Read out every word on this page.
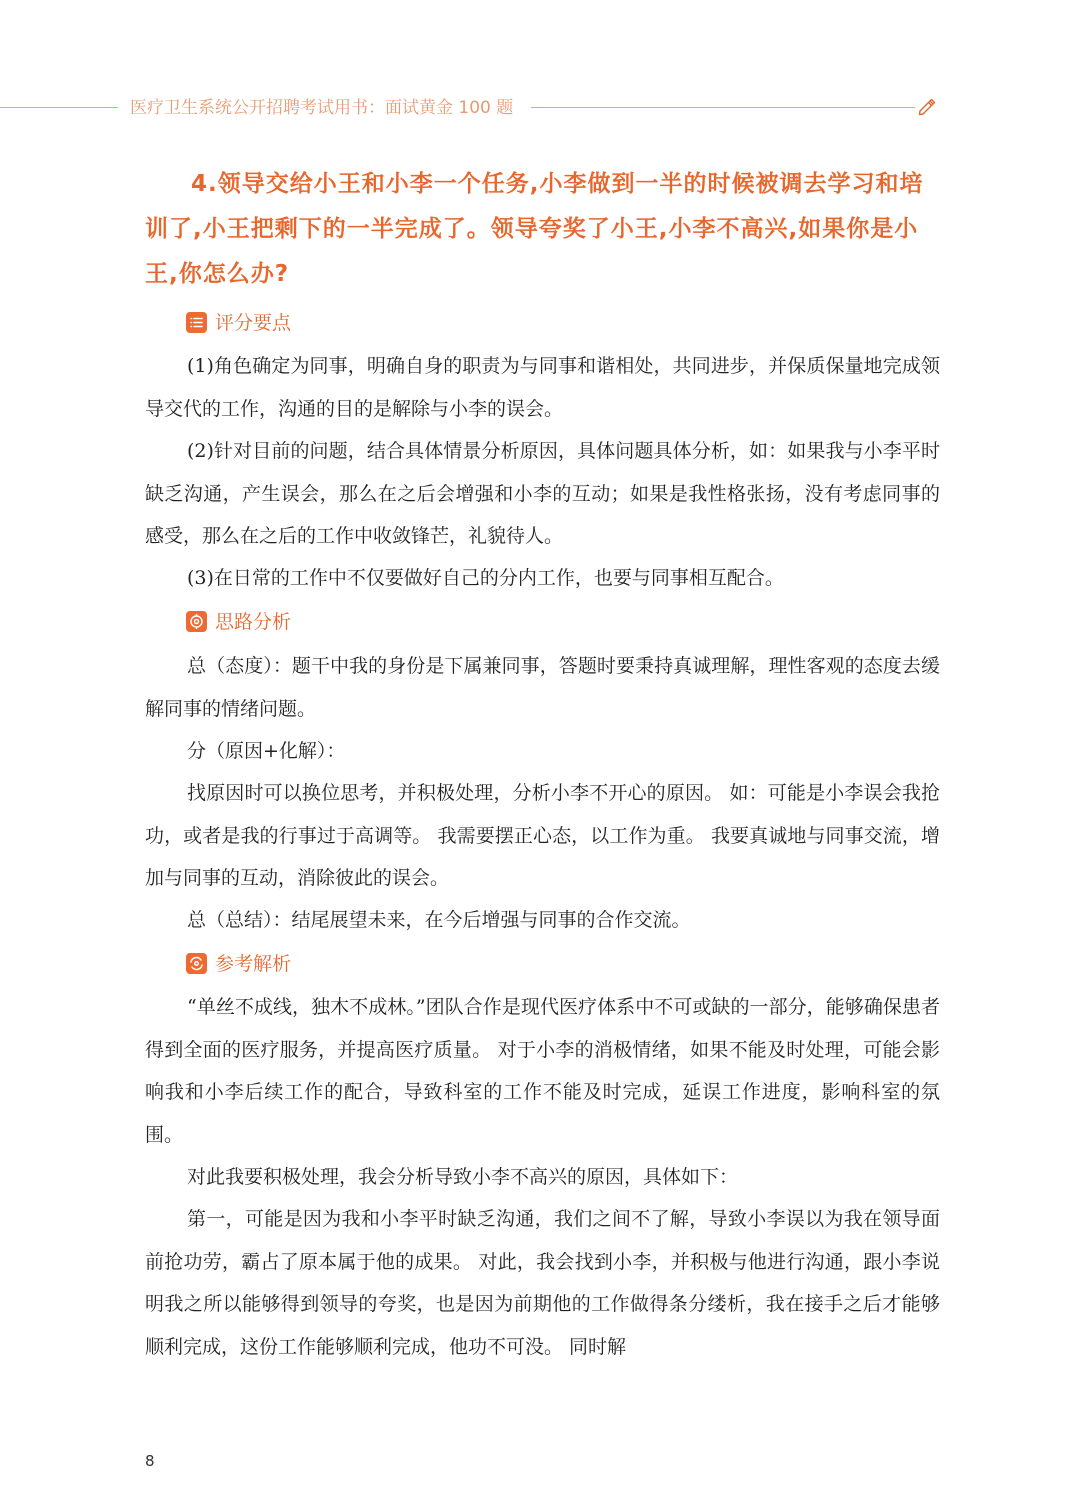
医疗卫生系统公开招聘考试用书：面试黄金 100 题
4.领导交给小王和小李一个任务,小李做到一半的时候被调去学习和培训了,小王把剩下的一半完成了。领导夸奖了小王,小李不高兴,如果你是小王,你怎么办?
评分要点
(1)角色确定为同事，明确自身的职责为与同事和谐相处，共同进步，并保质保量地完成领导交代的工作，沟通的目的是解除与小李的误会。
(2)针对目前的问题，结合具体情景分析原因，具体问题具体分析，如：如果我与小李平时缺乏沟通，产生误会，那么在之后会增强和小李的互动；如果是我性格张扬，没有考虑同事的感受，那么在之后的工作中收敛锋芒，礼貌待人。
(3)在日常的工作中不仅要做好自己的分内工作，也要与同事相互配合。
思路分析
总（态度）：题干中我的身份是下属兼同事，答题时要秉持真诚理解，理性客观的态度去缓解同事的情绪问题。
分（原因+化解）：
找原因时可以换位思考，并积极处理，分析小李不开心的原因。 如：可能是小李误会我抢功，或者是我的行事过于高调等。 我需要摆正心态，以工作为重。 我要真诚地与同事交流，增加与同事的互动，消除彼此的误会。
总（总结）：结尾展望未来，在今后增强与同事的合作交流。
参考解析
“单丝不成线，独木不成林。”团队合作是现代医疗体系中不可或缺的一部分，能够确保患者得到全面的医疗服务，并提高医疗质量。 对于小李的消极情绪，如果不能及时处理，可能会影响我和小李后续工作的配合，导致科室的工作不能及时完成，延误工作进度，影响科室的氛围。
对此我要积极处理，我会分析导致小李不高兴的原因，具体如下：
第一，可能是因为我和小李平时缺乏沟通，我们之间不了解，导致小李误以为我在领导面前抢功劳，霸占了原本属于他的成果。 对此，我会找到小李，并积极与他进行沟通，跟小李说明我之所以能够得到领导的夸奖，也是因为前期他的工作做得条分缕析，我在接手之后才能够顺利完成，这份工作能够顺利完成，他功不可没。 同时解
8
